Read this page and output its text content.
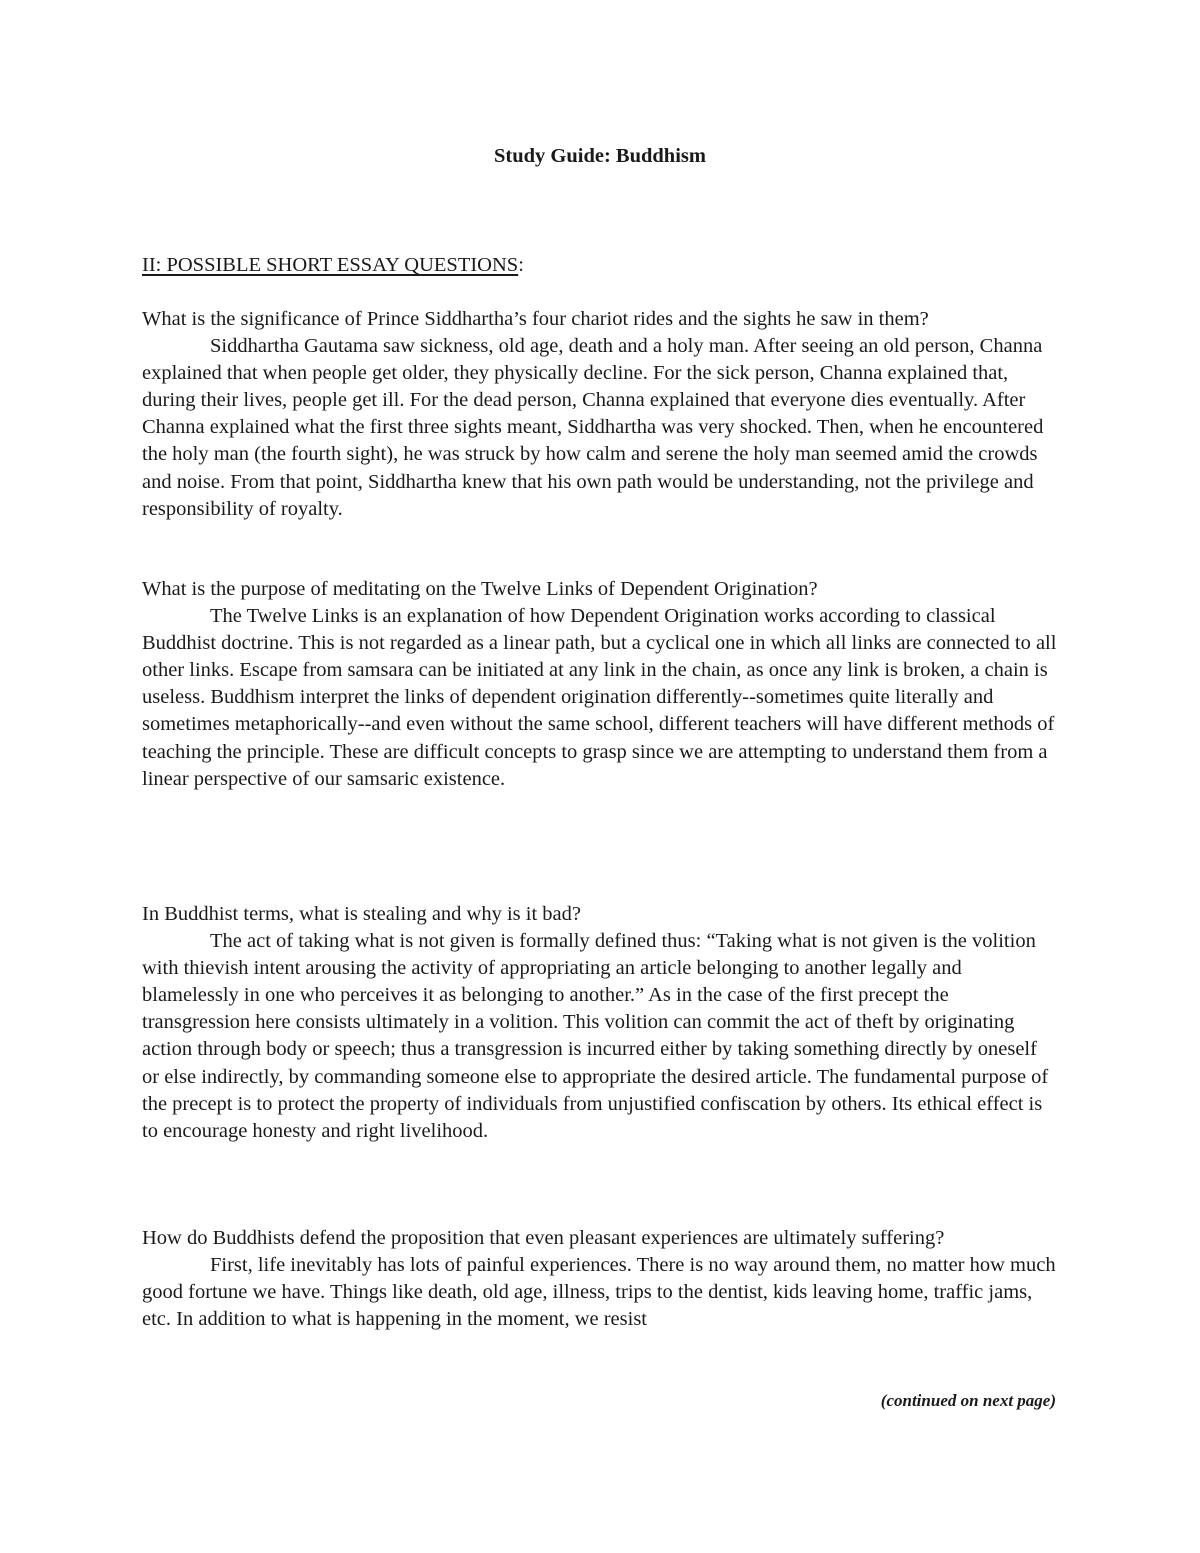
Study Guide: Buddhism
II: POSSIBLE SHORT ESSAY QUESTIONS:

What is the significance of Prince Siddhartha’s four chariot rides and the sights he saw in them?

Siddhartha Gautama saw sickness, old age, death and a holy man. After seeing an old person, Channa explained that when people get older, they physically decline. For the sick person, Channa explained that, during their lives, people get ill. For the dead person, Channa explained that everyone dies eventually. After Channa explained what the first three sights meant, Siddhartha was very shocked. Then, when he encountered the holy man (the fourth sight), he was struck by how calm and serene the holy man seemed amid the crowds and noise. From that point, Siddhartha knew that his own path would be understanding, not the privilege and responsibility of royalty.

What is the purpose of meditating on the Twelve Links of Dependent Origination?

The Twelve Links is an explanation of how Dependent Origination works according to classical Buddhist doctrine. This is not regarded as a linear path, but a cyclical one in which all links are connected to all other links. Escape from samsara can be initiated at any link in the chain, as once any link is broken, a chain is useless. Buddhism interpret the links of dependent origination differently--sometimes quite literally and sometimes metaphorically--and even without the same school, different teachers will have different methods of teaching the principle. These are difficult concepts to grasp since we are attempting to understand them from a linear perspective of our samsaric existence.

In Buddhist terms, what is stealing and why is it bad?

The act of taking what is not given is formally defined thus: “Taking what is not given is the volition with thievish intent arousing the activity of appropriating an article belonging to another legally and blamelessly in one who perceives it as belonging to another.” As in the case of the first precept the transgression here consists ultimately in a volition. This volition can commit the act of theft by originating action through body or speech; thus a transgression is incurred either by taking something directly by oneself or else indirectly, by commanding someone else to appropriate the desired article. The fundamental purpose of the precept is to protect the property of individuals from unjustified confiscation by others. Its ethical effect is to encourage honesty and right livelihood.

How do Buddhists defend the proposition that even pleasant experiences are ultimately suffering?

First, life inevitably has lots of painful experiences. There is no way around them, no matter how much good fortune we have. Things like death, old age, illness, trips to the dentist, kids leaving home, traffic jams, etc. In addition to what is happening in the moment, we resist

(continued on next page)
